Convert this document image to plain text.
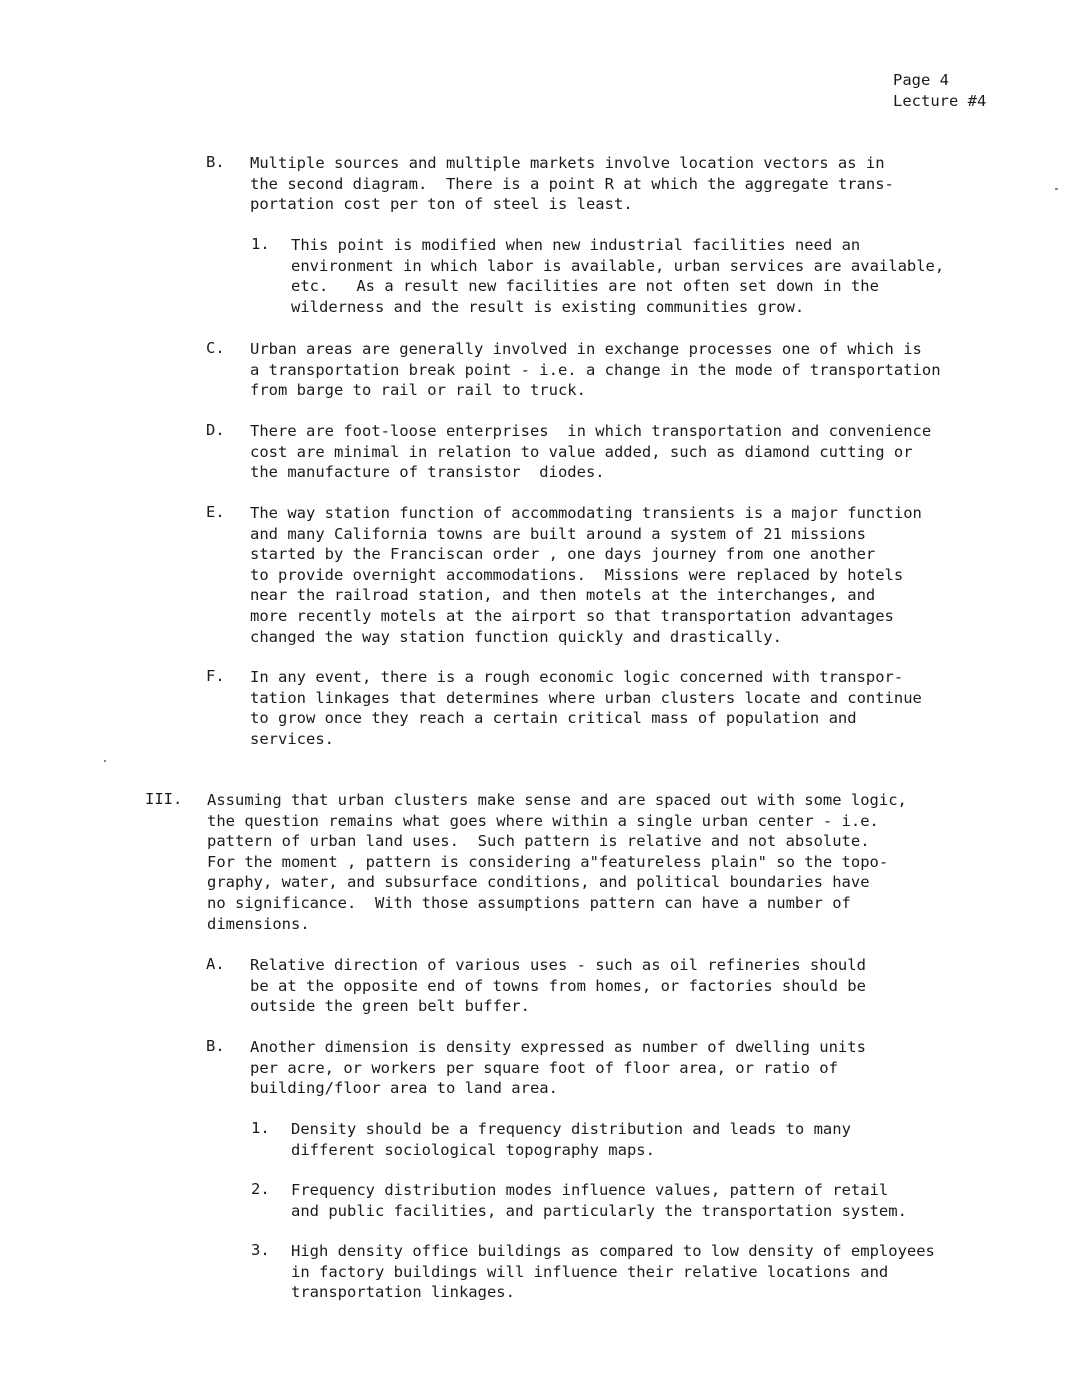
Page 4
Lecture #4
B. Multiple sources and multiple markets involve location vectors as in
the second diagram.  There is a point R at which the aggregate trans-
portation cost per ton of steel is least.
1. This point is modified when new industrial facilities need an
environment in which labor is available, urban services are available,
etc.   As a result new facilities are not often set down in the
wilderness and the result is existing communities grow.
C. Urban areas are generally involved in exchange processes one of which is
a transportation break point - i.e. a change in the mode of transportation
from barge to rail or rail to truck.
D. There are foot-loose enterprises  in which transportation and convenience
cost are minimal in relation to value added, such as diamond cutting or
the manufacture of transistor  diodes.
E. The way station function of accommodating transients is a major function
and many California towns are built around a system of 21 missions
started by the Franciscan order , one days journey from one another
to provide overnight accommodations.  Missions were replaced by hotels
near the railroad station, and then motels at the interchanges, and
more recently motels at the airport so that transportation advantages
changed the way station function quickly and drastically.
F. In any event, there is a rough economic logic concerned with transpor-
tation linkages that determines where urban clusters locate and continue
to grow once they reach a certain critical mass of population and
services.
III. Assuming that urban clusters make sense and are spaced out with some logic,
the question remains what goes where within a single urban center - i.e.
pattern of urban land uses.  Such pattern is relative and not absolute.
For the moment , pattern is considering a"featureless plain" so the topo-
graphy, water, and subsurface conditions, and political boundaries have
no significance.  With those assumptions pattern can have a number of
dimensions.
A. Relative direction of various uses - such as oil refineries should
be at the opposite end of towns from homes, or factories should be
outside the green belt buffer.
B. Another dimension is density expressed as number of dwelling units
per acre, or workers per square foot of floor area, or ratio of
building/floor area to land area.
1. Density should be a frequency distribution and leads to many
different sociological topography maps.
2. Frequency distribution modes influence values, pattern of retail
and public facilities, and particularly the transportation system.
3. High density office buildings as compared to low density of employees
in factory buildings will influence their relative locations and
transportation linkages.
